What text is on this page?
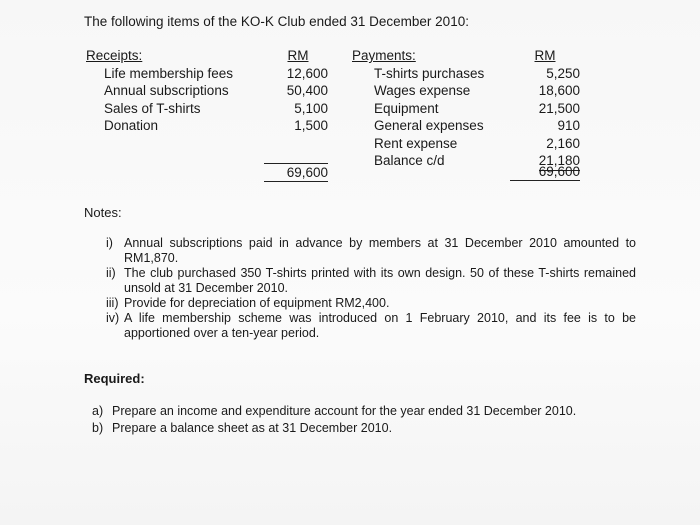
The following items of the KO-K Club ended 31 December 2010:
Receipts:
Life membership fees
Annual subscriptions
Sales of T-shirts
Donation
RM
12,600
50,400
5,100
1,500
69,600
Payments:
T-shirts purchases
Wages expense
Equipment
General expenses
Rent expense
Balance c/d
RM
5,250
18,600
21,500
910
2,160
21,180
69,600
Notes:
i) Annual subscriptions paid in advance by members at 31 December 2010 amounted to RM1,870.
ii) The club purchased 350 T-shirts printed with its own design. 50 of these T-shirts remained unsold at 31 December 2010.
iii) Provide for depreciation of equipment RM2,400.
iv) A life membership scheme was introduced on 1 February 2010, and its fee is to be apportioned over a ten-year period.
Required:
a) Prepare an income and expenditure account for the year ended 31 December 2010.
b) Prepare a balance sheet as at 31 December 2010.
